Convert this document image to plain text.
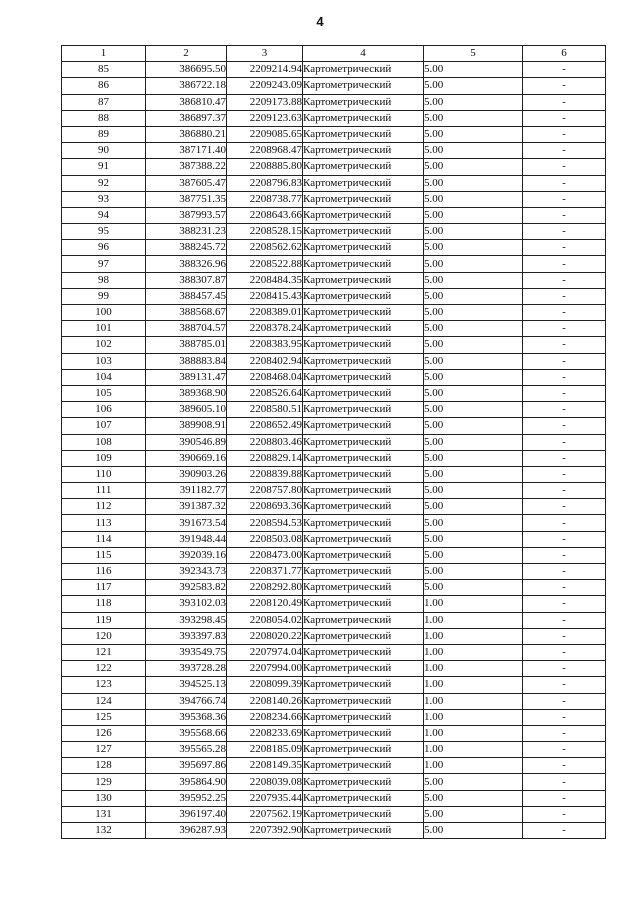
4
1	2	3	4	5	6
85	386695.50	2209214.94	Картометрический	5.00	-
86	386722.18	2209243.09	Картометрический	5.00	-
87	386810.47	2209173.88	Картометрический	5.00	-
88	386897.37	2209123.63	Картометрический	5.00	-
89	386880.21	2209085.65	Картометрический	5.00	-
90	387171.40	2208968.47	Картометрический	5.00	-
91	387388.22	2208885.80	Картометрический	5.00	-
92	387605.47	2208796.83	Картометрический	5.00	-
93	387751.35	2208738.77	Картометрический	5.00	-
94	387993.57	2208643.66	Картометрический	5.00	-
95	388231.23	2208528.15	Картометрический	5.00	-
96	388245.72	2208562.62	Картометрический	5.00	-
97	388326.96	2208522.88	Картометрический	5.00	-
98	388307.87	2208484.35	Картометрический	5.00	-
99	388457.45	2208415.43	Картометрический	5.00	-
100	388568.67	2208389.01	Картометрический	5.00	-
101	388704.57	2208378.24	Картометрический	5.00	-
102	388785.01	2208383.95	Картометрический	5.00	-
103	388883.84	2208402.94	Картометрический	5.00	-
104	389131.47	2208468.04	Картометрический	5.00	-
105	389368.90	2208526.64	Картометрический	5.00	-
106	389605.10	2208580.51	Картометрический	5.00	-
107	389908.91	2208652.49	Картометрический	5.00	-
108	390546.89	2208803.46	Картометрический	5.00	-
109	390669.16	2208829.14	Картометрический	5.00	-
110	390903.26	2208839.88	Картометрический	5.00	-
111	391182.77	2208757.80	Картометрический	5.00	-
112	391387.32	2208693.36	Картометрический	5.00	-
113	391673.54	2208594.53	Картометрический	5.00	-
114	391948.44	2208503.08	Картометрический	5.00	-
115	392039.16	2208473.00	Картометрический	5.00	-
116	392343.73	2208371.77	Картометрический	5.00	-
117	392583.82	2208292.80	Картометрический	5.00	-
118	393102.03	2208120.49	Картометрический	1.00	-
119	393298.45	2208054.02	Картометрический	1.00	-
120	393397.83	2208020.22	Картометрический	1.00	-
121	393549.75	2207974.04	Картометрический	1.00	-
122	393728.28	2207994.00	Картометрический	1.00	-
123	394525.13	2208099.39	Картометрический	1.00	-
124	394766.74	2208140.26	Картометрический	1.00	-
125	395368.36	2208234.66	Картометрический	1.00	-
126	395568.66	2208233.69	Картометрический	1.00	-
127	395565.28	2208185.09	Картометрический	1.00	-
128	395697.86	2208149.35	Картометрический	1.00	-
129	395864.90	2208039.08	Картометрический	5.00	-
130	395952.25	2207935.44	Картометрический	5.00	-
131	396197.40	2207562.19	Картометрический	5.00	-
132	396287.93	2207392.90	Картометрический	5.00	-
